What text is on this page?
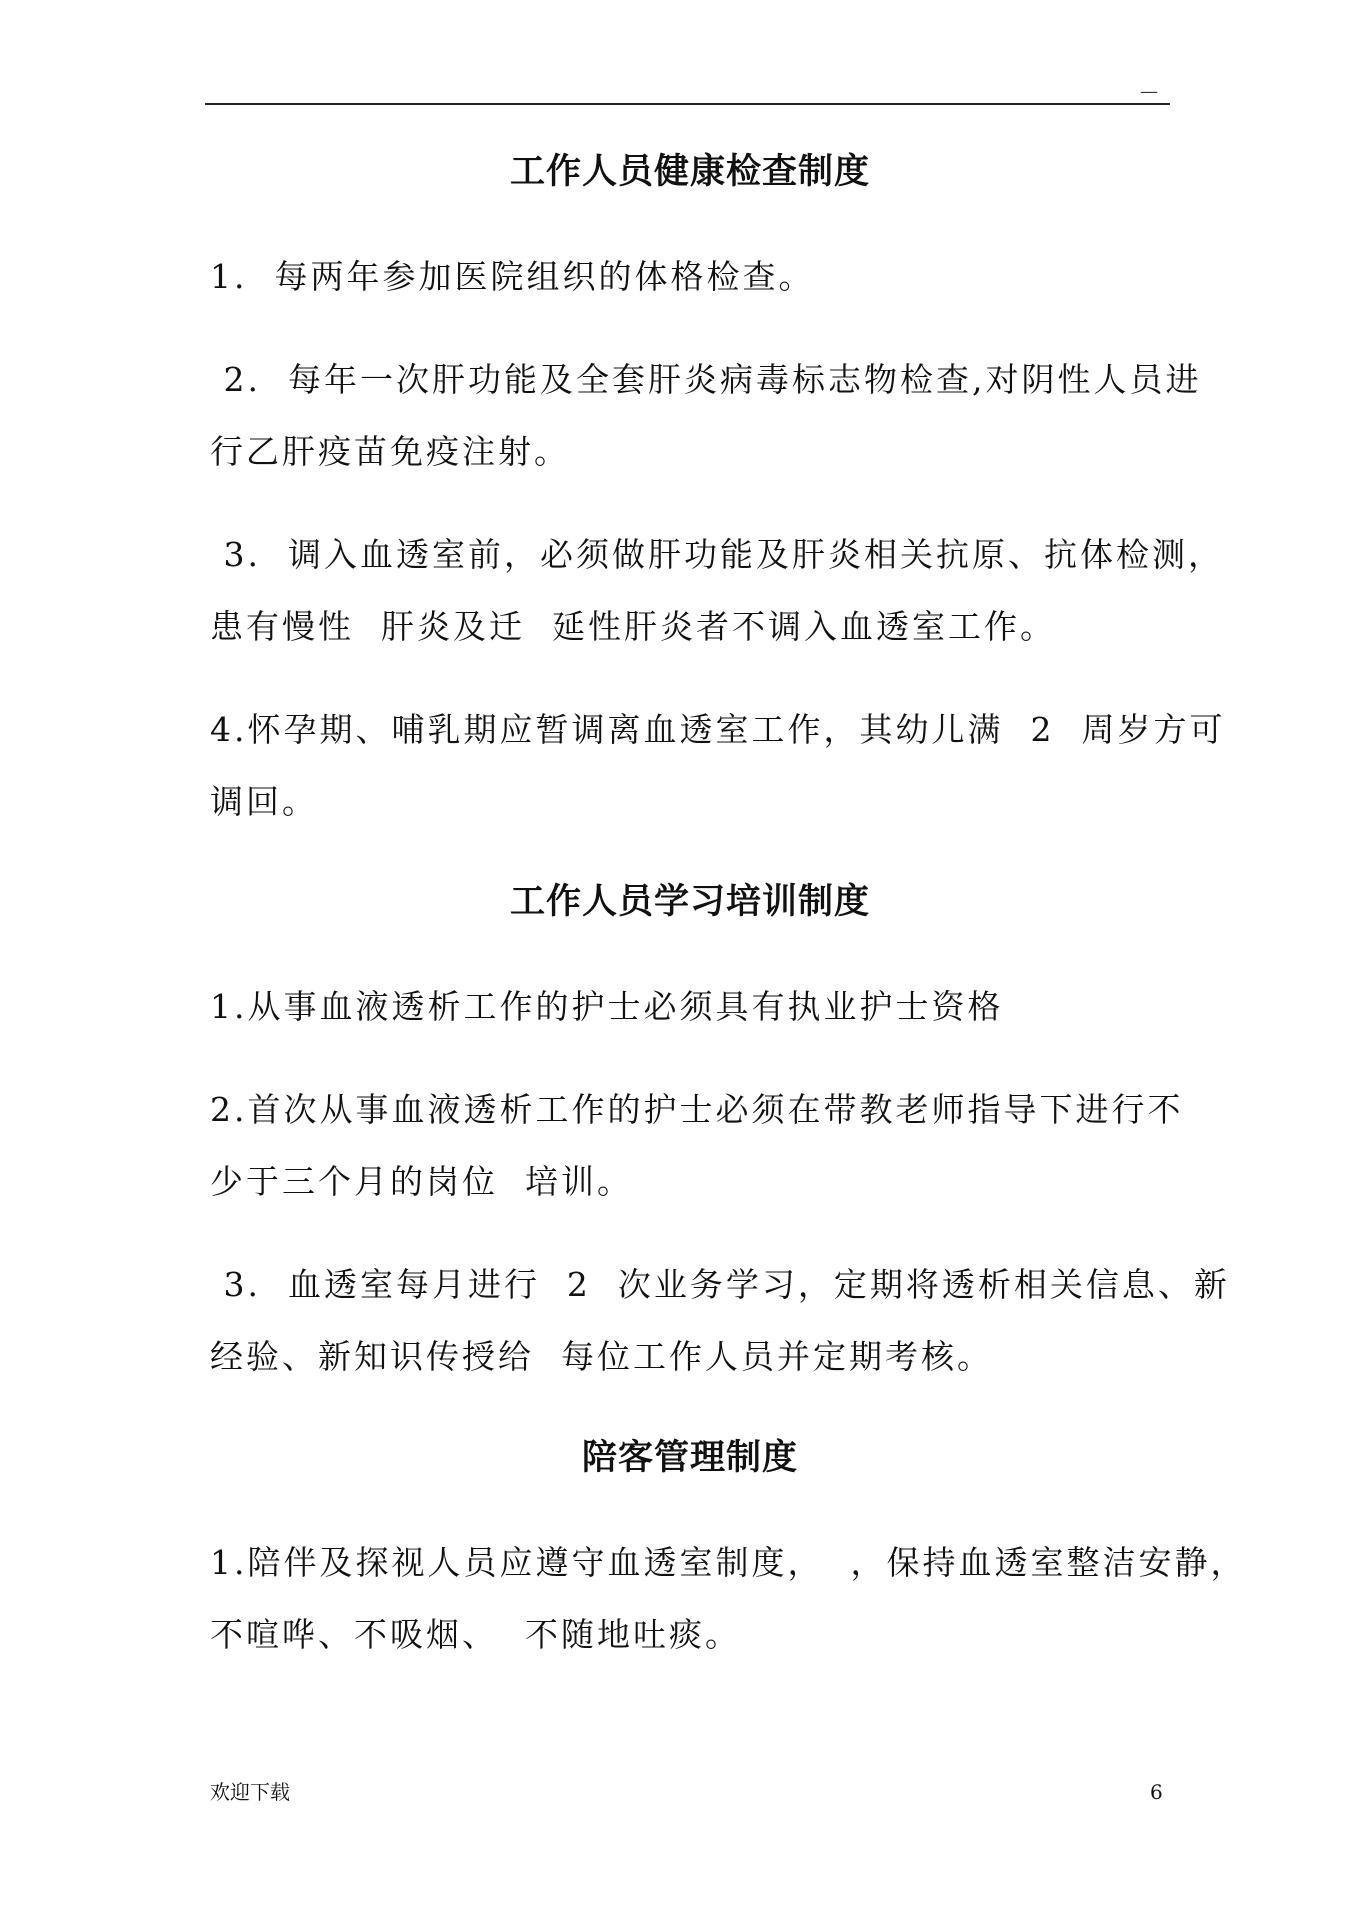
—
工作人员健康检查制度
1.  每两年参加医院组织的体格检查。
2.  每年一次肝功能及全套肝炎病毒标志物检查,对阴性人员进
行乙肝疫苗免疫注射。
3.  调入血透室前，必须做肝功能及肝炎相关抗原、抗体检测，
患有慢性  肝炎及迁  延性肝炎者不调入血透室工作。
4.怀孕期、哺乳期应暂调离血透室工作，其幼儿满  2  周岁方可
调回。
工作人员学习培训制度
1.从事血液透析工作的护士必须具有执业护士资格
2.首次从事血液透析工作的护士必须在带教老师指导下进行不
少于三个月的岗位  培训。
3.  血透室每月进行  2  次业务学习，定期将透析相关信息、新
经验、新知识传授给  每位工作人员并定期考核。
陪客管理制度
1.陪伴及探视人员应遵守血透室制度，  ，保持血透室整洁安静，
不喧哗、不吸烟、  不随地吐痰。
欢迎下载	6
